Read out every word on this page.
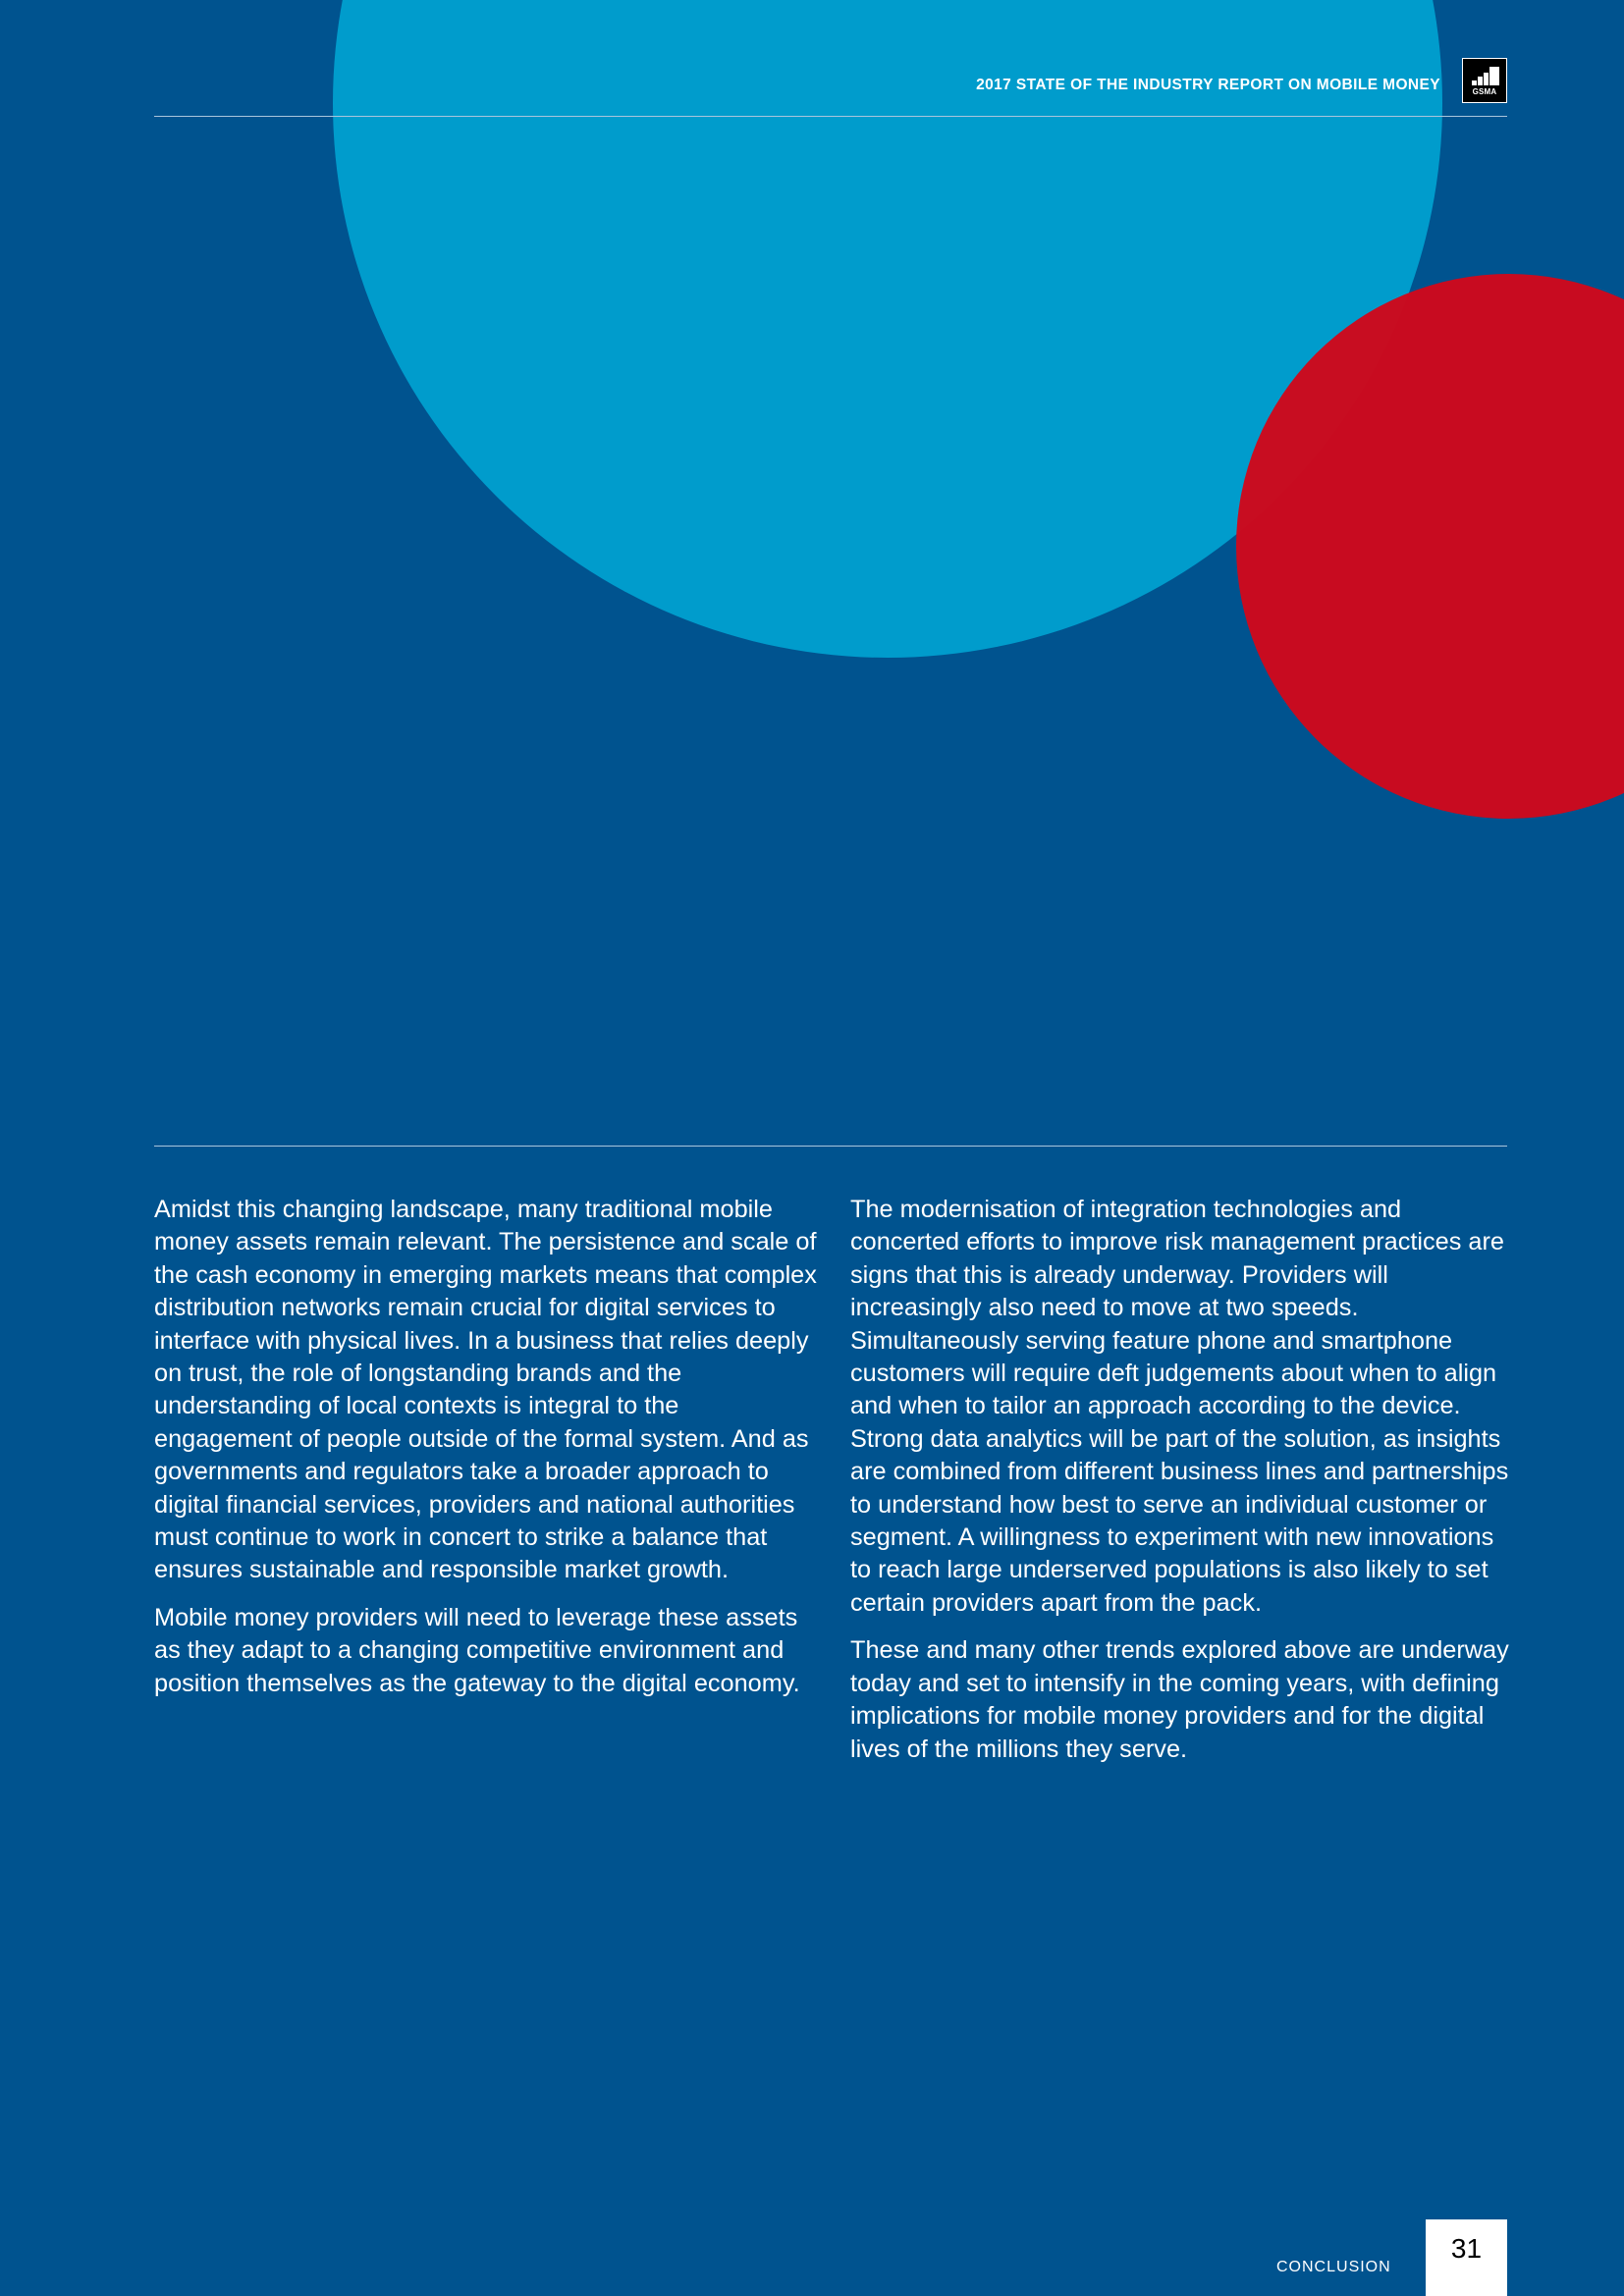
2017 STATE OF THE INDUSTRY REPORT ON MOBILE MONEY	GSMA

Amidst this changing landscape, many traditional mobile money assets remain relevant. The persistence and scale of the cash economy in emerging markets means that complex distribution networks remain crucial for digital services to interface with physical lives. In a business that relies deeply on trust, the role of longstanding brands and the understanding of local contexts is integral to the engagement of people outside of the formal system. And as governments and regulators take a broader approach to digital financial services, providers and national authorities must continue to work in concert to strike a balance that ensures sustainable and responsible market growth.

Mobile money providers will need to leverage these assets as they adapt to a changing competitive environment and position themselves as the gateway to the digital economy.

The modernisation of integration technologies and concerted efforts to improve risk management practices are signs that this is already underway. Providers will increasingly also need to move at two speeds. Simultaneously serving feature phone and smartphone customers will require deft judgements about when to align and when to tailor an approach according to the device. Strong data analytics will be part of the solution, as insights are combined from different business lines and partnerships to understand how best to serve an individual customer or segment. A willingness to experiment with new innovations to reach large underserved populations is also likely to set certain providers apart from the pack.

These and many other trends explored above are underway today and set to intensify in the coming years, with defining implications for mobile money providers and for the digital lives of the millions they serve.

CONCLUSION
31
